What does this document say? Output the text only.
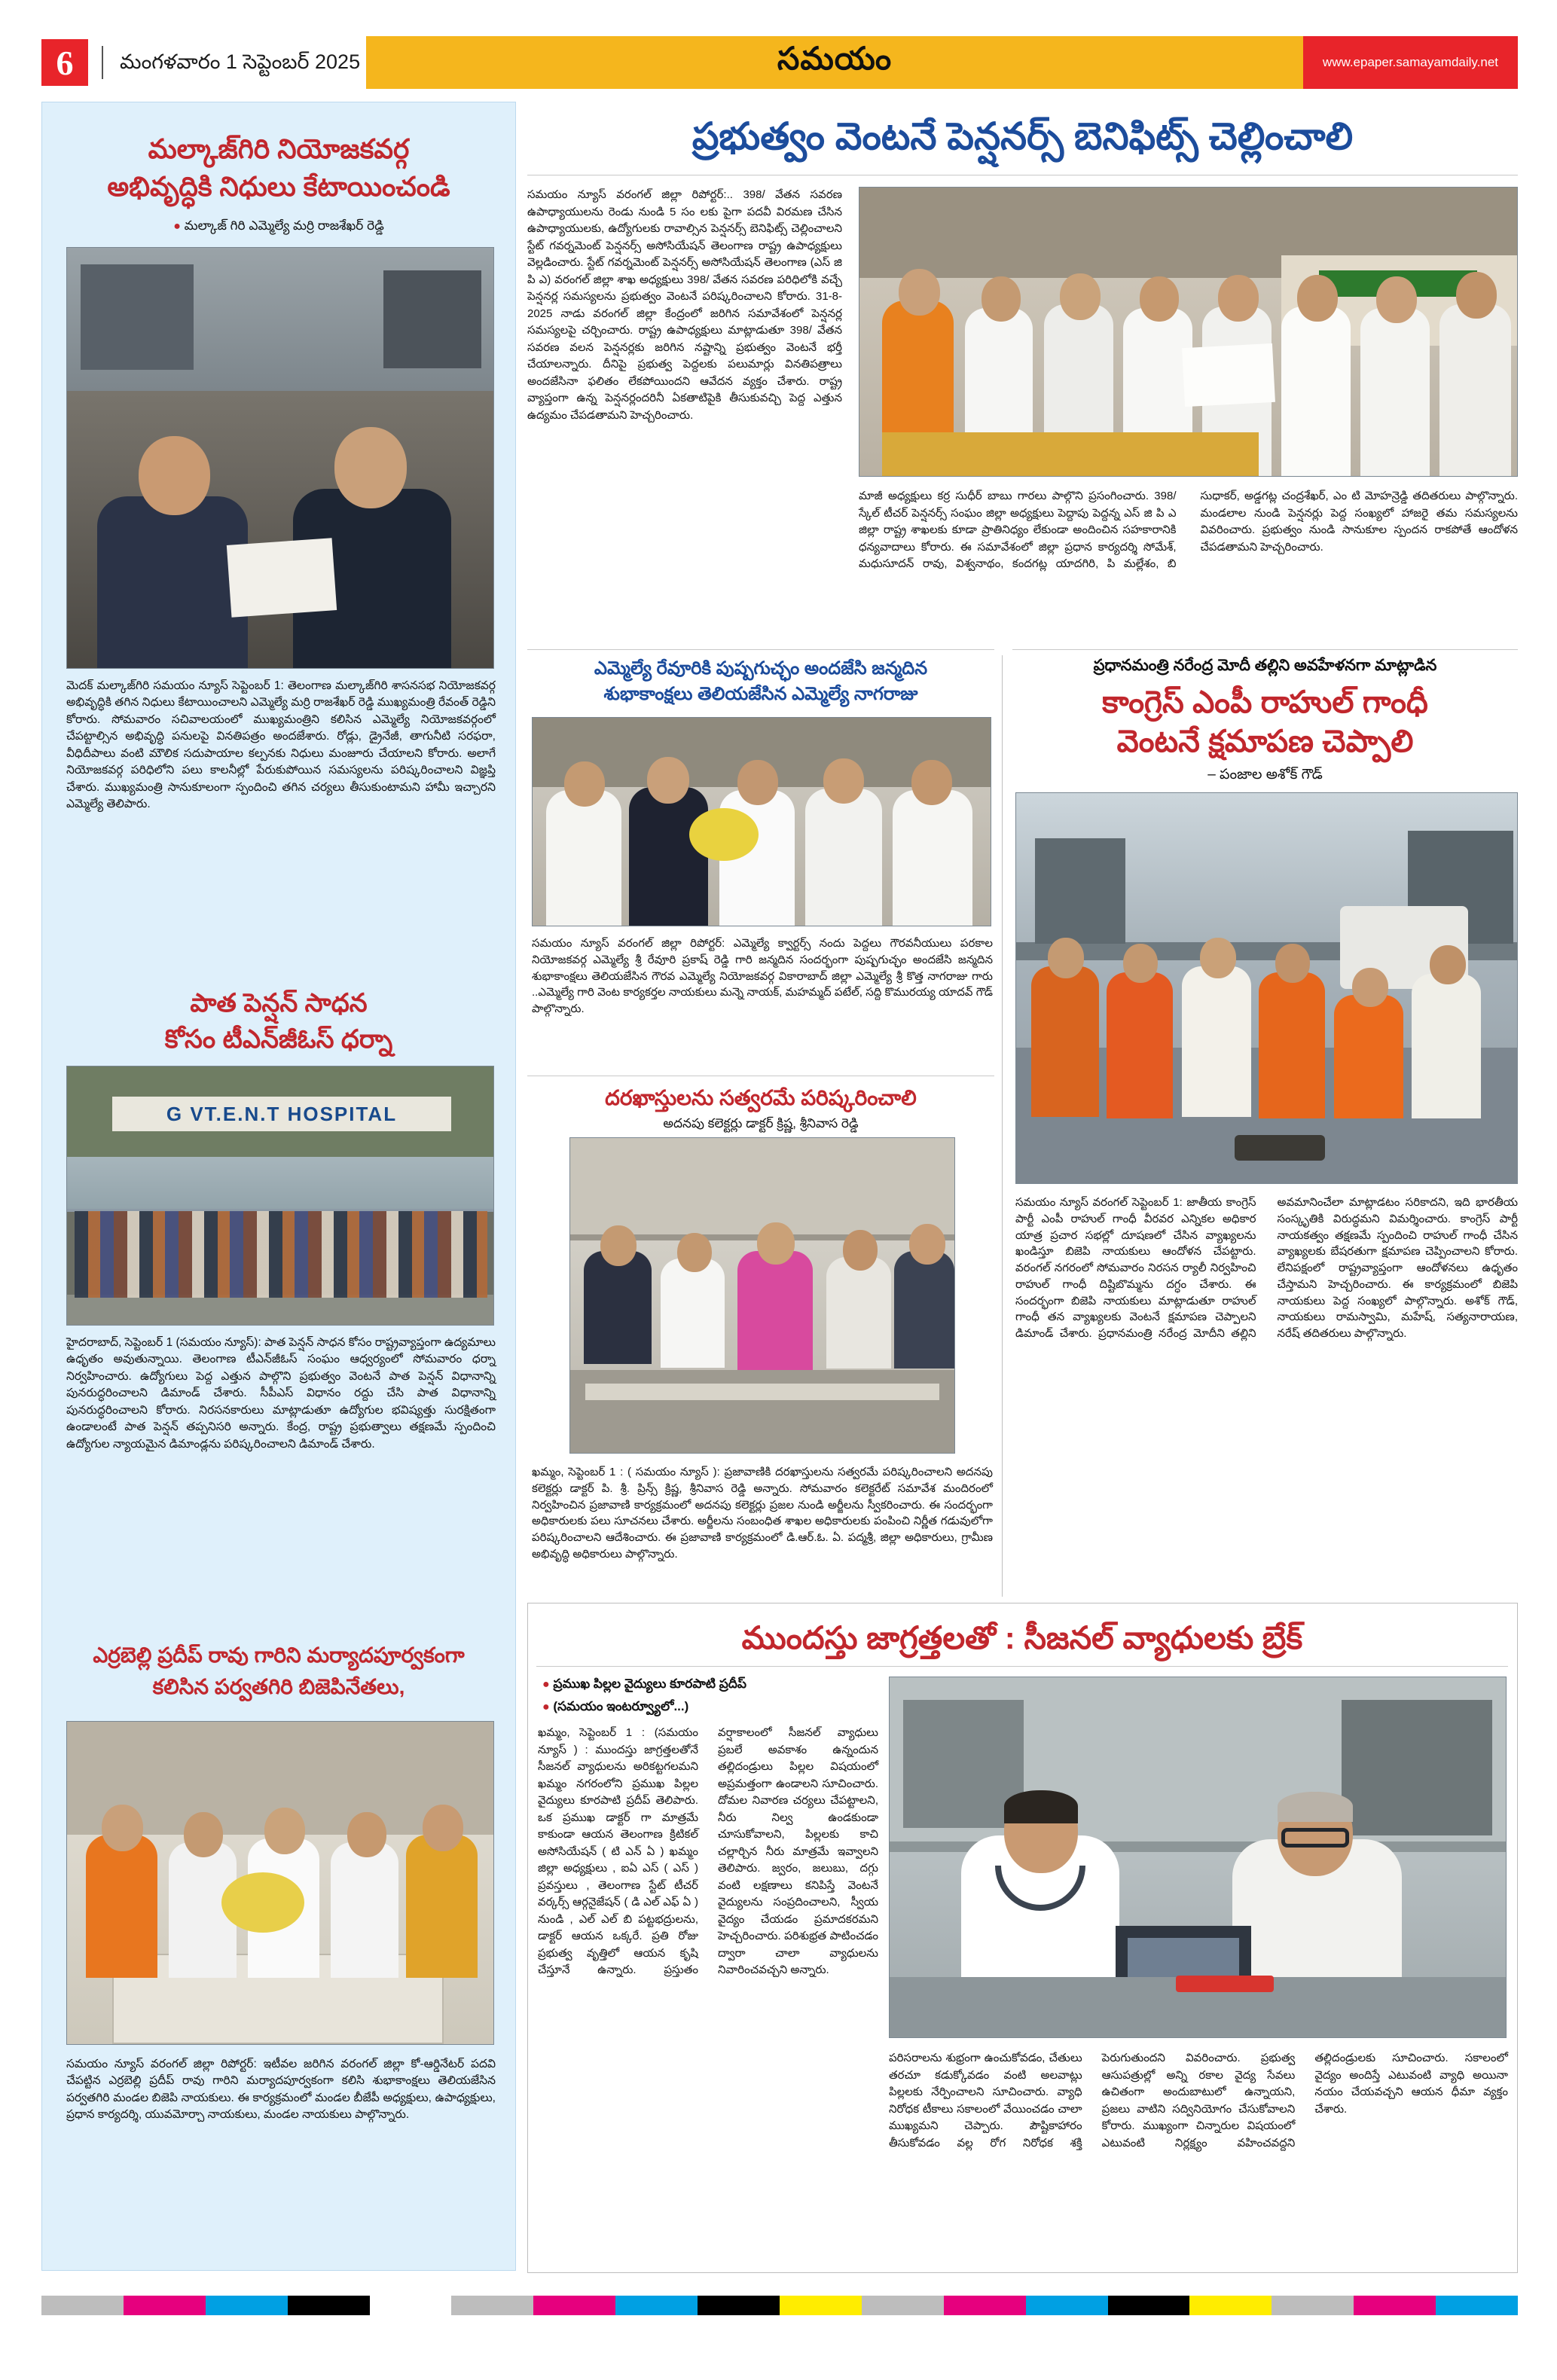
6	మంగళవారం 1 సెప్టెంబర్ 2025	సమయం	www.epaper.samayamdaily.net
మల్కాజ్‌గిరి నియోజకవర్గ
అభివృద్ధికి నిధులు కేటాయించండి
● మల్కాజ్ గిరి ఎమ్మెల్యే మర్రి రాజశేఖర్ రెడ్డి
మెదక్ మల్కాజ్‌గిరి సమయం న్యూస్ సెప్టెంబర్ 1: తెలంగాణ మల్కాజ్‌గిరి శాసనసభ నియోజకవర్గ అభివృద్ధికి తగిన నిధులు కేటాయించాలని ఎమ్మెల్యే మర్రి రాజశేఖర్ రెడ్డి ముఖ్యమంత్రి రేవంత్ రెడ్డిని కోరారు. సోమవారం సచివాలయంలో ముఖ్యమంత్రిని కలిసిన ఎమ్మెల్యే నియోజకవర్గంలో చేపట్టాల్సిన అభివృద్ధి పనులపై వినతిపత్రం అందజేశారు. రోడ్లు, డ్రైనేజీ, తాగునీటి సరఫరా, వీధిదీపాలు వంటి మౌలిక సదుపాయాల కల్పనకు నిధులు మంజూరు చేయాలని కోరారు. అలాగే నియోజకవర్గ పరిధిలోని పలు కాలనీల్లో పేరుకుపోయిన సమస్యలను పరిష్కరించాలని విజ్ఞప్తి చేశారు. ముఖ్యమంత్రి సానుకూలంగా స్పందించి తగిన చర్యలు తీసుకుంటామని హామీ ఇచ్చారని ఎమ్మెల్యే తెలిపారు.
పాత పెన్షన్ సాధన
కోసం టీఎన్‌జీఓస్ ధర్నా
G VT.E.N.T HOSPITAL
హైదరాబాద్, సెప్టెంబర్ 1 (సమయం న్యూస్): పాత పెన్షన్ సాధన కోసం రాష్ట్రవ్యాప్తంగా ఉద్యమాలు ఉధృతం అవుతున్నాయి. తెలంగాణ టీఎన్‌జీఓస్ సంఘం ఆధ్వర్యంలో సోమవారం ధర్నా నిర్వహించారు. ఉద్యోగులు పెద్ద ఎత్తున పాల్గొని ప్రభుత్వం వెంటనే పాత పెన్షన్ విధానాన్ని పునరుద్ధరించాలని డిమాండ్ చేశారు. సీపీఎస్ విధానం రద్దు చేసి పాత విధానాన్ని పునరుద్ధరించాలని కోరారు. నిరసనకారులు మాట్లాడుతూ ఉద్యోగుల భవిష్యత్తు సురక్షితంగా ఉండాలంటే పాత పెన్షన్ తప్పనిసరి అన్నారు. కేంద్ర, రాష్ట్ర ప్రభుత్వాలు తక్షణమే స్పందించి ఉద్యోగుల న్యాయమైన డిమాండ్లను పరిష్కరించాలని డిమాండ్ చేశారు.
ఎర్రబెల్లి ప్రదీప్ రావు గారిని మర్యాదపూర్వకంగా
కలిసిన పర్వతగిరి బిజెపినేతలు,
సమయం న్యూస్ వరంగల్ జిల్లా రిపోర్టర్: ఇటీవల జరిగిన వరంగల్ జిల్లా కో-ఆర్డినేటర్ పదవి చేపట్టిన ఎర్రబెల్లి ప్రదీప్ రావు గారిని మర్యాదపూర్వకంగా కలిసి శుభాకాంక్షలు తెలియజేసిన పర్వతగిరి మండల బిజెపి నాయకులు. ఈ కార్యక్రమంలో మండల బీజేపీ అధ్యక్షులు, ఉపాధ్యక్షులు, ప్రధాన కార్యదర్శి, యువమోర్చా నాయకులు, మండల నాయకులు పాల్గొన్నారు.
ప్రభుత్వం వెంటనే పెన్షనర్స్ బెనిఫిట్స్ చెల్లించాలి
సమయం న్యూస్ వరంగల్ జిల్లా రిపోర్టర్:.. 398/ వేతన సవరణ ఉపాధ్యాయులను రెండు నుండి 5 సం లకు పైగా పదవీ విరమణ చేసిన ఉపాధ్యాయులకు, ఉద్యోగులకు రావాల్సిన పెన్షనర్స్ బెనిఫిట్స్ చెల్లించాలని స్టేట్ గవర్నమెంట్ పెన్షనర్స్ అసోసియేషన్ తెలంగాణ రాష్ట్ర ఉపాధ్యక్షులు వెల్లడించారు. స్టేట్ గవర్నమెంట్ పెన్షనర్స్ అసోసియేషన్ తెలంగాణ (ఎస్ జి పి ఎ) వరంగల్ జిల్లా శాఖ అధ్యక్షులు 398/ వేతన సవరణ పరిధిలోకి వచ్చే పెన్షనర్ల సమస్యలను ప్రభుత్వం వెంటనే పరిష్కరించాలని కోరారు. 31-8-2025 నాడు వరంగల్ జిల్లా కేంద్రంలో జరిగిన సమావేశంలో పెన్షనర్ల సమస్యలపై చర్చించారు. రాష్ట్ర ఉపాధ్యక్షులు మాట్లాడుతూ 398/ వేతన సవరణ వలన పెన్షనర్లకు జరిగిన నష్టాన్ని ప్రభుత్వం వెంటనే భర్తీ చేయాలన్నారు. దీనిపై ప్రభుత్వ పెద్దలకు పలుమార్లు వినతిపత్రాలు అందజేసినా ఫలితం లేకపోయిందని ఆవేదన వ్యక్తం చేశారు. రాష్ట్ర వ్యాప్తంగా ఉన్న పెన్షనర్లందరినీ ఏకతాటిపైకి తీసుకువచ్చి పెద్ద ఎత్తున ఉద్యమం చేపడతామని హెచ్చరించారు.
మాజీ అధ్యక్షులు కర్ర సుధీర్ బాబు గారలు పాల్గొని ప్రసంగించారు. 398/ స్కేల్ టీచర్ పెన్షనర్స్ సంఘం జిల్లా అధ్యక్షులు పెద్దాపు పెద్దన్న ఎస్ జి పి ఎ జిల్లా రాష్ట్ర శాఖలకు కూడా ప్రాతినిధ్యం లేకుండా అందించిన సహకారానికి ధన్యవాదాలు కోరారు. ఈ సమావేశంలో జిల్లా ప్రధాన కార్యదర్శి సోమేశ్, మధుసూదన్ రావు, విశ్వనాథం, కందగట్ల యాదగిరి, పి మల్లేశం, బి సుధాకర్, అడ్డగట్ల చంద్రశేఖర్, ఎం టి మోహన్రెడ్డి తదితరులు పాల్గొన్నారు. మండలాల నుండి పెన్షనర్లు పెద్ద సంఖ్యలో హాజరై తమ సమస్యలను వివరించారు. ప్రభుత్వం నుండి సానుకూల స్పందన రాకపోతే ఆందోళన చేపడతామని హెచ్చరించారు.
ఎమ్మెల్యే రేవూరికి పుష్పగుచ్ఛం అందజేసి జన్మదిన
శుభాకాంక్షలు తెలియజేసిన ఎమ్మెల్యే నాగరాజు
సమయం న్యూస్ వరంగల్ జిల్లా రిపోర్టర్: ఎమ్మెల్యే క్వార్టర్స్ నందు పెద్దలు గౌరవనీయులు పరకాల నియోజకవర్గ ఎమ్మెల్యే శ్రీ రేవూరి ప్రకాష్ రెడ్డి గారి జన్మదిన సందర్భంగా పుష్పగుచ్ఛం అందజేసి జన్మదిన శుభాకాంక్షలు తెలియజేసిన గౌరవ ఎమ్మెల్యే నియోజకవర్గ వికారాబాద్ జిల్లా ఎమ్మెల్యే శ్రీ కొత్త నాగరాజు గారు ..ఎమ్మెల్యే గారి వెంట కార్యకర్తల నాయకులు మన్నె నాయక్, మహమ్మద్ పటేల్, సద్ది కొమురయ్య యాదవ్ గౌడ్ పాల్గొన్నారు.
దరఖాస్తులను సత్వరమే పరిష్కరించాలి
అదనపు కలెక్టర్లు డాక్టర్ క్రిష్ణ, శ్రీనివాస రెడ్డి
ఖమ్మం, సెప్టెంబర్ 1 : ( సమయం న్యూస్ ): ప్రజావాణికి దరఖాస్తులను సత్వరమే పరిష్కరించాలని అదనపు కలెక్టర్లు డాక్టర్ పి. శ్రీ. ప్రిన్స్ క్రిష్ణ, శ్రీనివాస రెడ్డి అన్నారు. సోమవారం కలెక్టరేట్ సమావేశ మందిరంలో నిర్వహించిన ప్రజావాణి కార్యక్రమంలో అదనపు కలెక్టర్లు ప్రజల నుండి అర్జీలను స్వీకరించారు. ఈ సందర్భంగా అధికారులకు పలు సూచనలు చేశారు. అర్జీలను సంబంధిత శాఖల అధికారులకు పంపించి నిర్ణీత గడువులోగా పరిష్కరించాలని ఆదేశించారు. ఈ ప్రజావాణి కార్యక్రమంలో డి.ఆర్.ఓ. ఏ. పద్మశ్రీ, జిల్లా అధికారులు, గ్రామీణ అభివృద్ధి అధికారులు పాల్గొన్నారు.
ప్రధానమంత్రి నరేంద్ర మోదీ తల్లిని అవహేళనగా మాట్లాడిన
కాంగ్రెస్ ఎంపీ రాహుల్ గాంధీ
వెంటనే క్షమాపణ చెప్పాలి
– పంజాల అశోక్ గౌడ్
సమయం న్యూస్ వరంగల్ సెప్టెంబర్ 1: జాతీయ కాంగ్రెస్ పార్టీ ఎంపీ రాహుల్ గాంధీ వీరవర ఎన్నికల అధికార యాత్ర ప్రచార సభల్లో దూషణలో చేసిన వ్యాఖ్యలను ఖండిస్తూ బిజెపి నాయకులు ఆందోళన చేపట్టారు. వరంగల్ నగరంలో సోమవారం నిరసన ర్యాలీ నిర్వహించి రాహుల్ గాంధీ దిష్టిబొమ్మను దగ్ధం చేశారు. ఈ సందర్భంగా బిజెపి నాయకులు మాట్లాడుతూ రాహుల్ గాంధీ తన వ్యాఖ్యలకు వెంటనే క్షమాపణ చెప్పాలని డిమాండ్ చేశారు. ప్రధానమంత్రి నరేంద్ర మోదీని తల్లిని అవమానించేలా మాట్లాడటం సరికాదని, ఇది భారతీయ సంస్కృతికి విరుద్ధమని విమర్శించారు. కాంగ్రెస్ పార్టీ నాయకత్వం తక్షణమే స్పందించి రాహుల్ గాంధీ చేసిన వ్యాఖ్యలకు బేషరతుగా క్షమాపణ చెప్పించాలని కోరారు. లేనిపక్షంలో రాష్ట్రవ్యాప్తంగా ఆందోళనలు ఉధృతం చేస్తామని హెచ్చరించారు. ఈ కార్యక్రమంలో బిజెపి నాయకులు పెద్ద సంఖ్యలో పాల్గొన్నారు. అశోక్ గౌడ్, నాయకులు రామస్వామి, మహేష్, సత్యనారాయణ, నరేష్ తదితరులు పాల్గొన్నారు.
ముందస్తు జాగ్రత్తలతో : సీజనల్ వ్యాధులకు బ్రేక్
● ప్రముఖ పిల్లల వైద్యులు కూరపాటి ప్రదీప్
● (సమయం ఇంటర్వ్యూలో...)
ఖమ్మం, సెప్టెంబర్ 1 : (సమయం న్యూస్ ) : ముందస్తు జాగ్రత్తలతోనే సీజనల్ వ్యాధులను అరికట్టగలమని ఖమ్మం నగరంలోని ప్రముఖ పిల్లల వైద్యులు కూరపాటి ప్రదీప్ తెలిపారు. ఒక ప్రముఖ డాక్టర్ గా మాత్రమే కాకుండా ఆయన తెలంగాణ క్రిటికల్ అసోసియేషన్ ( టి ఎన్ ఏ ) ఖమ్మం జిల్లా అధ్యక్షులు , ఐఏ ఎస్ ( ఎస్ ) ప్రవస్తులు , తెలంగాణ స్టేట్ టీచర్ వర్కర్స్ ఆర్గనైజేషన్ ( డి ఎల్ ఎఫ్ ఏ ) నుండి , ఎల్ ఎల్ బి పట్టభద్రులను, డాక్టర్ ఆయన ఒక్కరే. ప్రతి రోజు ప్రభుత్వ వృత్తిలో ఆయన కృషి చేస్తూనే ఉన్నారు. ప్రస్తుతం వర్షాకాలంలో సీజనల్ వ్యాధులు ప్రబలే అవకాశం ఉన్నందున తల్లిదండ్రులు పిల్లల విషయంలో అప్రమత్తంగా ఉండాలని సూచించారు. దోమల నివారణ చర్యలు చేపట్టాలని, నీరు నిల్వ ఉండకుండా చూసుకోవాలని, పిల్లలకు కాచి చల్లార్చిన నీరు మాత్రమే ఇవ్వాలని తెలిపారు. జ్వరం, జలుబు, దగ్గు వంటి లక్షణాలు కనిపిస్తే వెంటనే వైద్యులను సంప్రదించాలని, స్వీయ వైద్యం చేయడం ప్రమాదకరమని హెచ్చరించారు. పరిశుభ్రత పాటించడం ద్వారా చాలా వ్యాధులను నివారించవచ్చని అన్నారు.
పరిసరాలను శుభ్రంగా ఉంచుకోవడం, చేతులు తరచూ కడుక్కోవడం వంటి అలవాట్లు పిల్లలకు నేర్పించాలని సూచించారు. వ్యాధి నిరోధక టీకాలు సకాలంలో వేయించడం చాలా ముఖ్యమని చెప్పారు. పౌష్టికాహారం తీసుకోవడం వల్ల రోగ నిరోధక శక్తి పెరుగుతుందని వివరించారు. ప్రభుత్వ ఆసుపత్రుల్లో అన్ని రకాల వైద్య సేవలు ఉచితంగా అందుబాటులో ఉన్నాయని, ప్రజలు వాటిని సద్వినియోగం చేసుకోవాలని కోరారు. ముఖ్యంగా చిన్నారుల విషయంలో ఎటువంటి నిర్లక్ష్యం వహించవద్దని తల్లిదండ్రులకు సూచించారు. సకాలంలో వైద్యం అందిస్తే ఎటువంటి వ్యాధి అయినా నయం చేయవచ్చని ఆయన ధీమా వ్యక్తం చేశారు.
